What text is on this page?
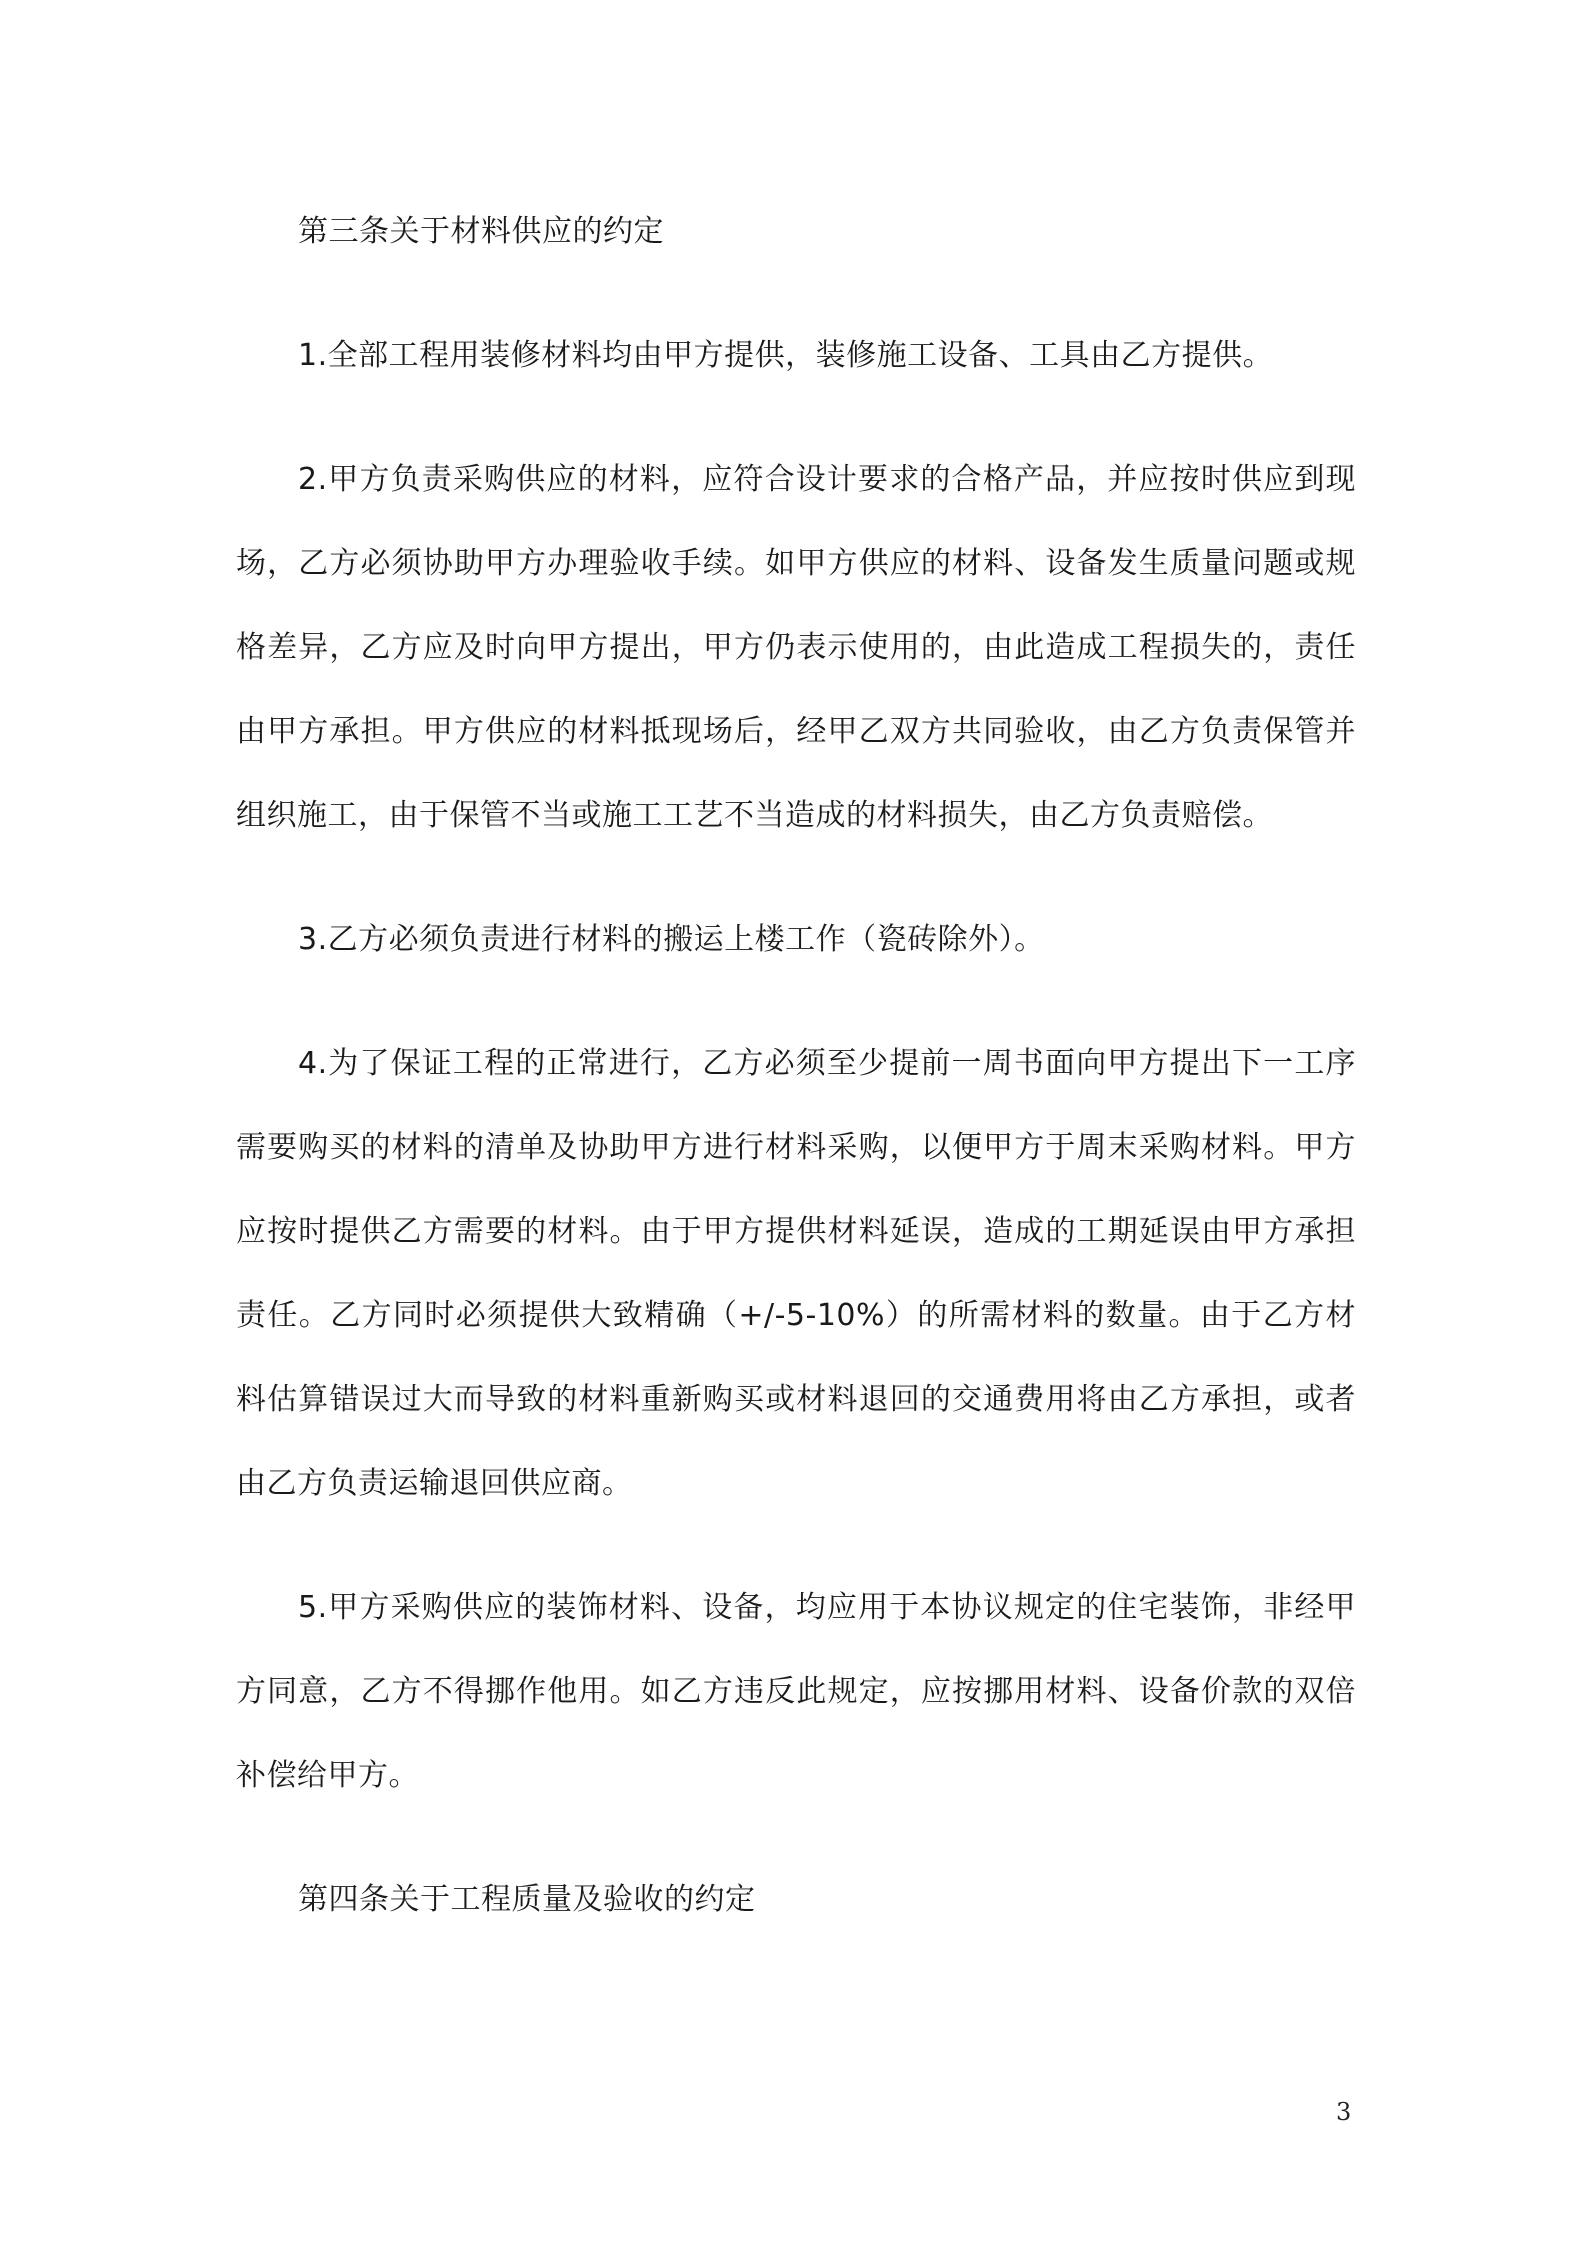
第三条关于材料供应的约定

1.全部工程用装修材料均由甲方提供，装修施工设备、工具由乙方提供。

2.甲方负责采购供应的材料，应符合设计要求的合格产品，并应按时供应到现场，乙方必须协助甲方办理验收手续。如甲方供应的材料、设备发生质量问题或规格差异，乙方应及时向甲方提出，甲方仍表示使用的，由此造成工程损失的，责任由甲方承担。甲方供应的材料抵现场后，经甲乙双方共同验收，由乙方负责保管并组织施工，由于保管不当或施工工艺不当造成的材料损失，由乙方负责赔偿。

3.乙方必须负责进行材料的搬运上楼工作（瓷砖除外）。

4.为了保证工程的正常进行，乙方必须至少提前一周书面向甲方提出下一工序需要购买的材料的清单及协助甲方进行材料采购，以便甲方于周末采购材料。甲方应按时提供乙方需要的材料。由于甲方提供材料延误，造成的工期延误由甲方承担责任。乙方同时必须提供大致精确（+/-5-10%）的所需材料的数量。由于乙方材料估算错误过大而导致的材料重新购买或材料退回的交通费用将由乙方承担，或者由乙方负责运输退回供应商。

5.甲方采购供应的装饰材料、设备，均应用于本协议规定的住宅装饰，非经甲方同意，乙方不得挪作他用。如乙方违反此规定，应按挪用材料、设备价款的双倍补偿给甲方。

第四条关于工程质量及验收的约定

3
